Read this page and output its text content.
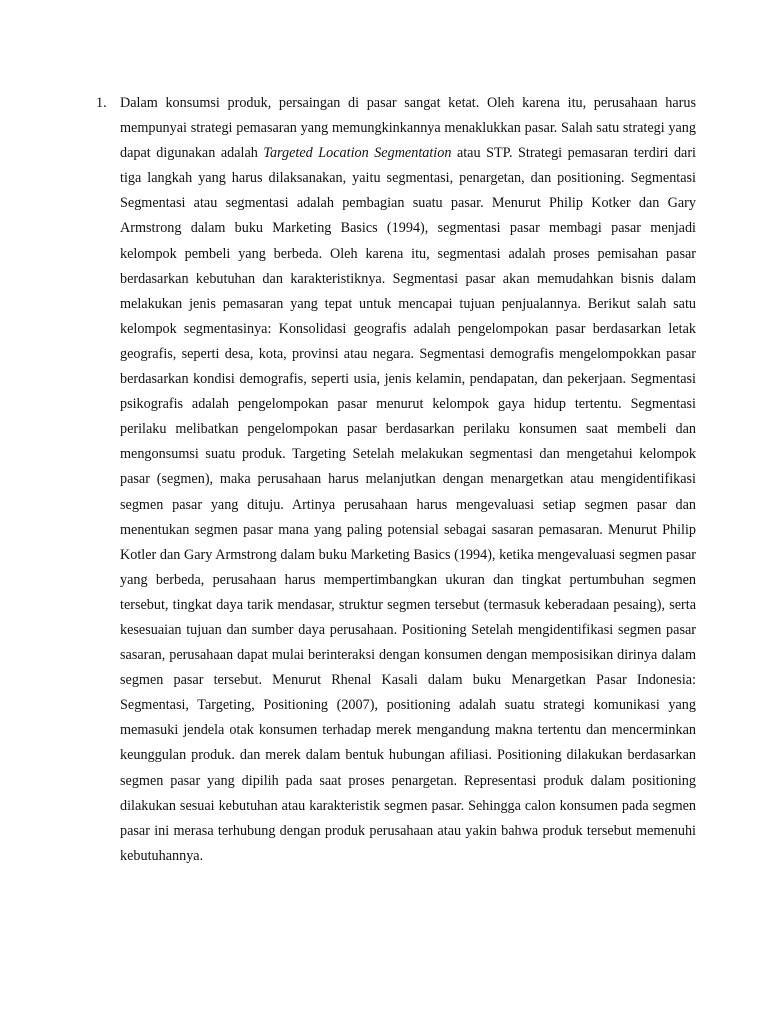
1. Dalam konsumsi produk, persaingan di pasar sangat ketat. Oleh karena itu, perusahaan harus mempunyai strategi pemasaran yang memungkinkannya menaklukkan pasar. Salah satu strategi yang dapat digunakan adalah Targeted Location Segmentation atau STP. Strategi pemasaran terdiri dari tiga langkah yang harus dilaksanakan, yaitu segmentasi, penargetan, dan positioning. Segmentasi Segmentasi atau segmentasi adalah pembagian suatu pasar. Menurut Philip Kotker dan Gary Armstrong dalam buku Marketing Basics (1994), segmentasi pasar membagi pasar menjadi kelompok pembeli yang berbeda. Oleh karena itu, segmentasi adalah proses pemisahan pasar berdasarkan kebutuhan dan karakteristiknya. Segmentasi pasar akan memudahkan bisnis dalam melakukan jenis pemasaran yang tepat untuk mencapai tujuan penjualannya. Berikut salah satu kelompok segmentasinya: Konsolidasi geografis adalah pengelompokan pasar berdasarkan letak geografis, seperti desa, kota, provinsi atau negara. Segmentasi demografis mengelompokkan pasar berdasarkan kondisi demografis, seperti usia, jenis kelamin, pendapatan, dan pekerjaan. Segmentasi psikografis adalah pengelompokan pasar menurut kelompok gaya hidup tertentu. Segmentasi perilaku melibatkan pengelompokan pasar berdasarkan perilaku konsumen saat membeli dan mengonsumsi suatu produk. Targeting Setelah melakukan segmentasi dan mengetahui kelompok pasar (segmen), maka perusahaan harus melanjutkan dengan menargetkan atau mengidentifikasi segmen pasar yang dituju. Artinya perusahaan harus mengevaluasi setiap segmen pasar dan menentukan segmen pasar mana yang paling potensial sebagai sasaran pemasaran. Menurut Philip Kotler dan Gary Armstrong dalam buku Marketing Basics (1994), ketika mengevaluasi segmen pasar yang berbeda, perusahaan harus mempertimbangkan ukuran dan tingkat pertumbuhan segmen tersebut, tingkat daya tarik mendasar, struktur segmen tersebut (termasuk keberadaan pesaing), serta kesesuaian tujuan dan sumber daya perusahaan. Positioning Setelah mengidentifikasi segmen pasar sasaran, perusahaan dapat mulai berinteraksi dengan konsumen dengan memposisikan dirinya dalam segmen pasar tersebut. Menurut Rhenal Kasali dalam buku Menargetkan Pasar Indonesia: Segmentasi, Targeting, Positioning (2007), positioning adalah suatu strategi komunikasi yang memasuki jendela otak konsumen terhadap merek mengandung makna tertentu dan mencerminkan keunggulan produk. dan merek dalam bentuk hubungan afiliasi. Positioning dilakukan berdasarkan segmen pasar yang dipilih pada saat proses penargetan. Representasi produk dalam positioning dilakukan sesuai kebutuhan atau karakteristik segmen pasar. Sehingga calon konsumen pada segmen pasar ini merasa terhubung dengan produk perusahaan atau yakin bahwa produk tersebut memenuhi kebutuhannya.
